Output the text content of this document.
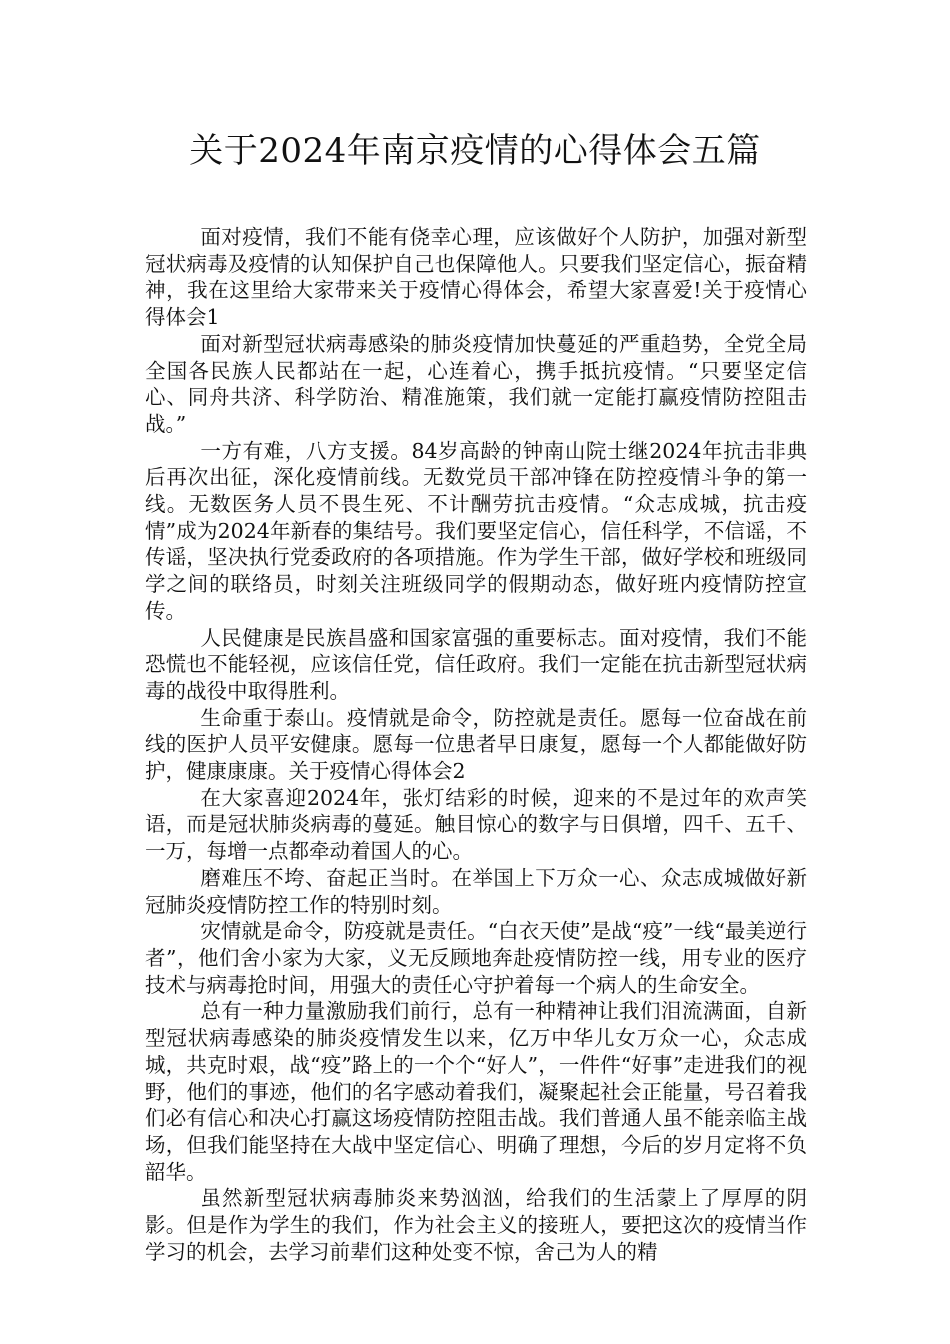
关于2024年南京疫情的心得体会五篇

面对疫情，我们不能有侥幸心理，应该做好个人防护，加强对新型冠状病毒及疫情的认知保护自己也保障他人。只要我们坚定信心，振奋精神，我在这里给大家带来关于疫情心得体会，希望大家喜爱!关于疫情心得体会1

面对新型冠状病毒感染的肺炎疫情加快蔓延的严重趋势，全党全局全国各民族人民都站在一起，心连着心，携手抵抗疫情。“只要坚定信心、同舟共济、科学防治、精准施策，我们就一定能打赢疫情防控阻击战。”

一方有难，八方支援。84岁高龄的钟南山院士继2024年抗击非典后再次出征，深化疫情前线。无数党员干部冲锋在防控疫情斗争的第一线。无数医务人员不畏生死、不计酬劳抗击疫情。“众志成城，抗击疫情”成为2024年新春的集结号。我们要坚定信心，信任科学，不信谣，不传谣，坚决执行党委政府的各项措施。作为学生干部，做好学校和班级同学之间的联络员，时刻关注班级同学的假期动态，做好班内疫情防控宣传。

人民健康是民族昌盛和国家富强的重要标志。面对疫情，我们不能恐慌也不能轻视，应该信任党，信任政府。我们一定能在抗击新型冠状病毒的战役中取得胜利。

生命重于泰山。疫情就是命令，防控就是责任。愿每一位奋战在前线的医护人员平安健康。愿每一位患者早日康复，愿每一个人都能做好防护，健康康康。关于疫情心得体会2

在大家喜迎2024年，张灯结彩的时候，迎来的不是过年的欢声笑语，而是冠状肺炎病毒的蔓延。触目惊心的数字与日俱增，四千、五千、一万，每增一点都牵动着国人的心。

磨难压不垮、奋起正当时。在举国上下万众一心、众志成城做好新冠肺炎疫情防控工作的特别时刻。

灾情就是命令，防疫就是责任。“白衣天使”是战“疫”一线“最美逆行者”，他们舍小家为大家，义无反顾地奔赴疫情防控一线，用专业的医疗技术与病毒抢时间，用强大的责任心守护着每一个病人的生命安全。

总有一种力量激励我们前行，总有一种精神让我们泪流满面，自新型冠状病毒感染的肺炎疫情发生以来，亿万中华儿女万众一心，众志成城，共克时艰，战“疫”路上的一个个“好人”，一件件“好事”走进我们的视野，他们的事迹，他们的名字感动着我们，凝聚起社会正能量，号召着我们必有信心和决心打赢这场疫情防控阻击战。我们普通人虽不能亲临主战场，但我们能坚持在大战中坚定信心、明确了理想，今后的岁月定将不负韶华。

虽然新型冠状病毒肺炎来势汹汹，给我们的生活蒙上了厚厚的阴影。但是作为学生的我们，作为社会主义的接班人，要把这次的疫情当作学习的机会，去学习前辈们这种处变不惊，舍己为人的精
